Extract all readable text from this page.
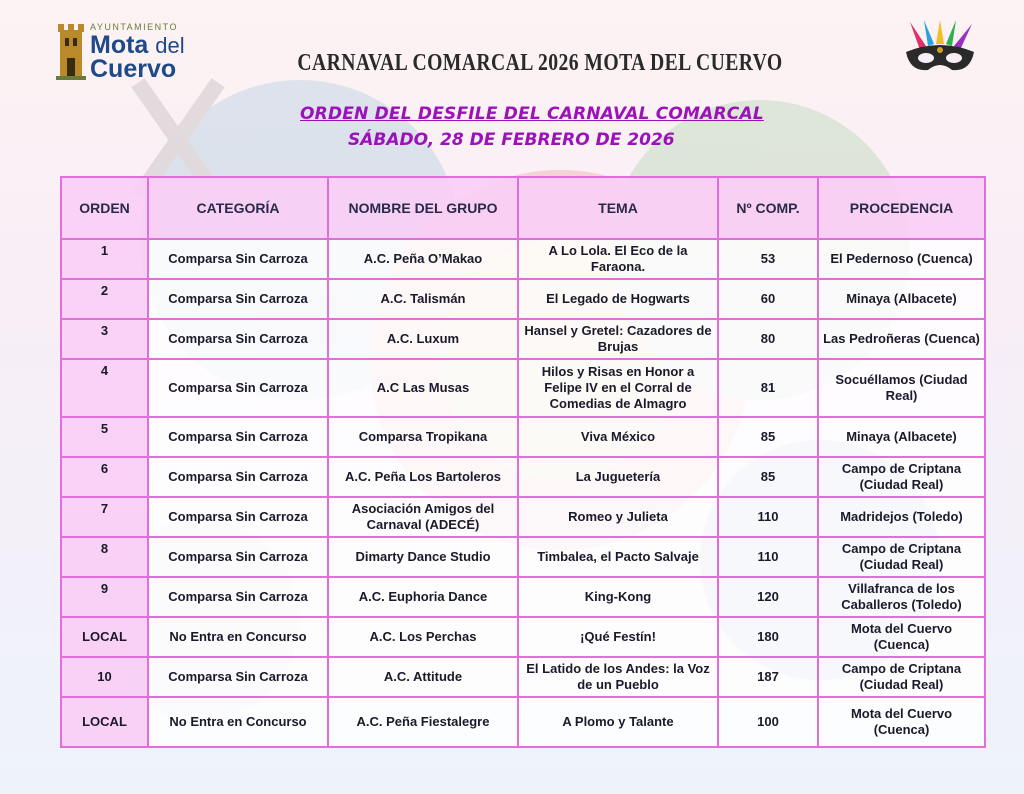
AYUNTAMIENTO
Mota del
Cuervo	CARNAVAL COMARCAL 2026 MOTA DEL CUERVO
ORDEN DEL DESFILE DEL CARNAVAL COMARCAL
SÁBADO, 28 DE FEBRERO DE 2026
ORDEN	CATEGORÍA	NOMBRE DEL GRUPO	TEMA	Nº COMP.	PROCEDENCIA
1	Comparsa Sin Carroza	A.C. Peña O’Makao	A Lo Lola. El Eco de la Faraona.	53	El Pedernoso (Cuenca)
2	Comparsa Sin Carroza	A.C. Talismán	El Legado de Hogwarts	60	Minaya (Albacete)
3	Comparsa Sin Carroza	A.C. Luxum	Hansel y Gretel: Cazadores de Brujas	80	Las Pedroñeras (Cuenca)
4	Comparsa Sin Carroza	A.C Las Musas	Hilos y Risas en Honor a Felipe IV en el Corral de Comedias de Almagro	81	Socuéllamos (Ciudad Real)
5	Comparsa Sin Carroza	Comparsa Tropikana	Viva México	85	Minaya (Albacete)
6	Comparsa Sin Carroza	A.C. Peña Los Bartoleros	La Juguetería	85	Campo de Criptana (Ciudad Real)
7	Comparsa Sin Carroza	Asociación Amigos del Carnaval (ADECÉ)	Romeo y Julieta	110	Madridejos (Toledo)
8	Comparsa Sin Carroza	Dimarty Dance Studio	Timbalea, el Pacto Salvaje	110	Campo de Criptana (Ciudad Real)
9	Comparsa Sin Carroza	A.C. Euphoria Dance	King-Kong	120	Villafranca de los Caballeros (Toledo)
LOCAL	No Entra en Concurso	A.C. Los Perchas	¡Qué Festín!	180	Mota del Cuervo (Cuenca)
10	Comparsa Sin Carroza	A.C. Attitude	El Latido de los Andes: la Voz de un Pueblo	187	Campo de Criptana (Ciudad Real)
LOCAL	No Entra en Concurso	A.C. Peña Fiestalegre	A Plomo y Talante	100	Mota del Cuervo (Cuenca)
